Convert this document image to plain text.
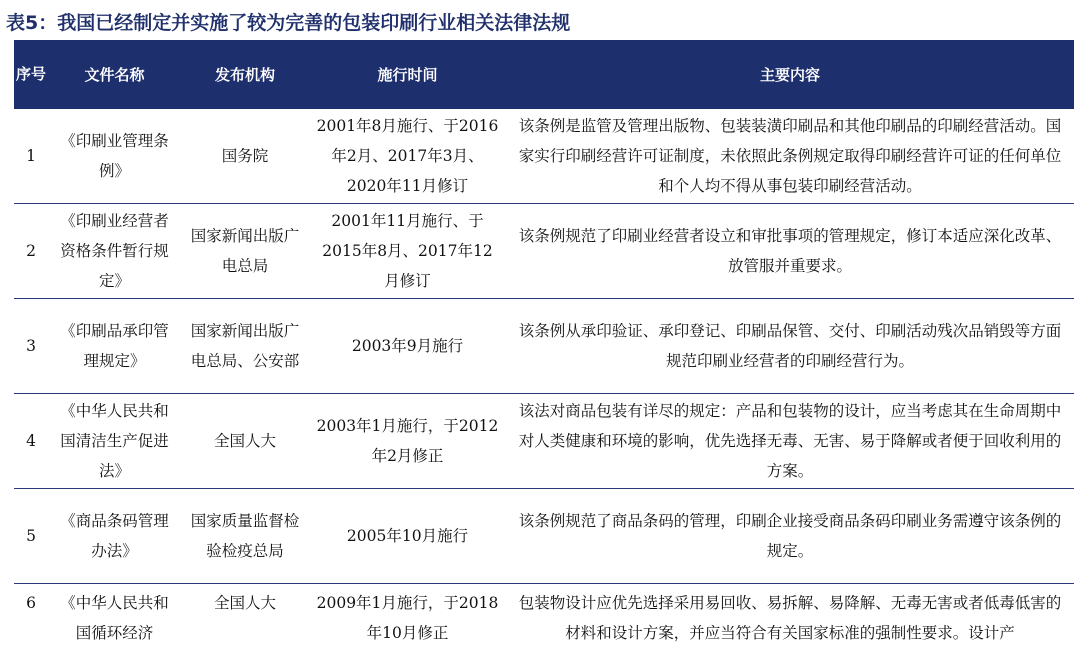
表5：我国已经制定并实施了较为完善的包装印刷行业相关法律法规
序号	文件名称	发布机构	施行时间	主要内容
1	《印刷业管理条例》	国务院	2001年8月施行、于2016年2月、2017年3月、2020年11月修订	该条例是监管及管理出版物、包装装潢印刷品和其他印刷品的印刷经营活动。国家实行印刷经营许可证制度，未依照此条例规定取得印刷经营许可证的任何单位和个人均不得从事包装印刷经营活动。
2	《印刷业经营者资格条件暂行规定》	国家新闻出版广电总局	2001年11月施行、于2015年8月、2017年12月修订	该条例规范了印刷业经营者设立和审批事项的管理规定，修订本适应深化改革、放管服并重要求。
3	《印刷品承印管理规定》	国家新闻出版广电总局、公安部	2003年9月施行	该条例从承印验证、承印登记、印刷品保管、交付、印刷活动残次品销毁等方面规范印刷业经营者的印刷经营行为。
4	《中华人民共和国清洁生产促进法》	全国人大	2003年1月施行，于2012年2月修正	该法对商品包装有详尽的规定：产品和包装物的设计，应当考虑其在生命周期中对人类健康和环境的影响，优先选择无毒、无害、易于降解或者便于回收利用的方案。
5	《商品条码管理办法》	国家质量监督检验检疫总局	2005年10月施行	该条例规范了商品条码的管理，印刷企业接受商品条码印刷业务需遵守该条例的规定。
6	《中华人民共和国循环经济	全国人大	2009年1月施行，于2018年10月修正	包装物设计应优先选择采用易回收、易拆解、易降解、无毒无害或者低毒低害的材料和设计方案，并应当符合有关国家标准的强制性要求。设计产
